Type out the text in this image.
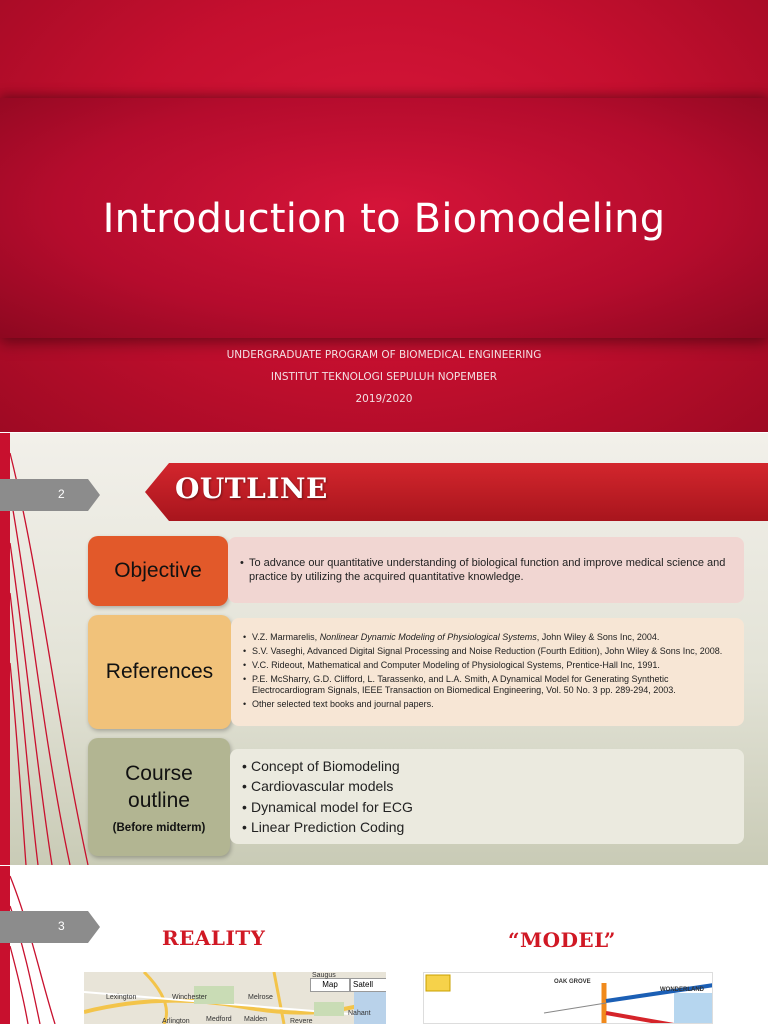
Introduction to Biomodeling
UNDERGRADUATE PROGRAM OF BIOMEDICAL ENGINEERING
INSTITUT TEKNOLOGI SEPULUH NOPEMBER
2019/2020
2	OUTLINE
Objective
•	To advance our quantitative understanding of biological function and improve medical science and practice by utilizing the acquired quantitative knowledge.
References
• V.Z. Marmarelis, Nonlinear Dynamic Modeling of Physiological Systems, John Wiley & Sons Inc, 2004.
• S.V. Vaseghi, Advanced Digital Signal Processing and Noise Reduction (Fourth Edition), John Wiley & Sons Inc, 2008.
• V.C. Rideout, Mathematical and Computer Modeling of Physiological Systems, Prentice-Hall Inc, 1991.
• P.E. McSharry, G.D. Clifford, L. Tarassenko, and L.A. Smith, A Dynamical Model for Generating Synthetic Electrocardiogram Signals, IEEE Transaction on Biomedical Engineering, Vol. 50 No. 3 pp. 289-294, 2003.
• Other selected text books and journal papers.
Course
outline
(Before midterm)
• Concept of Biomodeling
• Cardiovascular models
• Dynamical model for ECG
• Linear Prediction Coding
3	REALITY	“MODEL”
Map	Satell
Saugus
Lexington	Winchester	Melrose
Medford Malden	Revere
Nahant
Arlington
OAK GROVE
WONDERLAND
